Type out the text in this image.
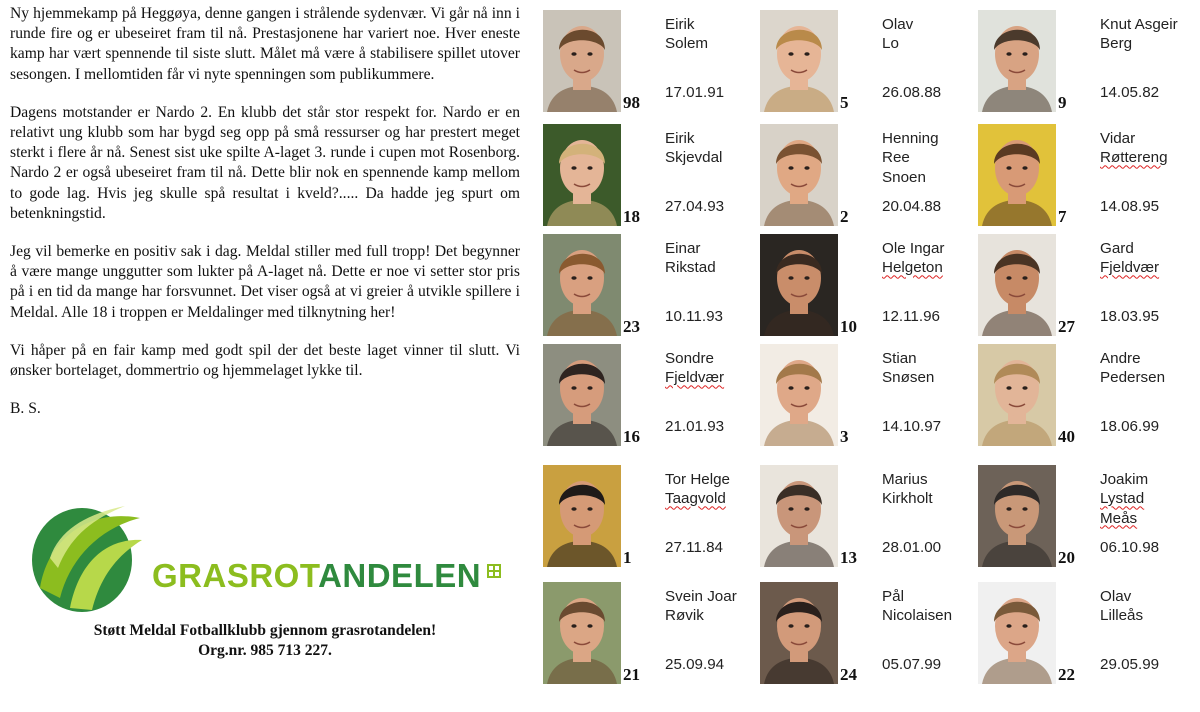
Ny hjemmekamp på Heggøya, denne gangen i strålende sydenvær. Vi går nå inn i runde fire og er ubeseiret fram til nå. Prestasjonene har variert noe. Hver eneste kamp har vært spennende til siste slutt. Målet må være å stabilisere spillet utover sesongen. I mellomtiden får vi nyte spenningen som publikummere.

Dagens motstander er Nardo 2. En klubb det står stor respekt for. Nardo er en relativt ung klubb som har bygd seg opp på små ressurser og har prestert meget sterkt i flere år nå. Senest sist uke spilte A-laget 3. runde i cupen mot Rosenborg. Nardo 2 er også ubeseiret fram til nå. Dette blir nok en spennende kamp mellom to gode lag. Hvis jeg skulle spå resultat i kveld?..... Da hadde jeg spurt om betenkningstid.

Jeg vil bemerke en positiv sak i dag. Meldal stiller med full tropp! Det begynner å være mange unggutter som lukter på A-laget nå. Dette er noe vi setter stor pris på i en tid da mange har forsvunnet. Det viser også at vi greier å utvikle spillere i Meldal. Alle 18 i troppen er Meldalinger med tilknytning her!

Vi håper på en fair kamp med godt spil der det beste laget vinner til slutt. Vi ønsker bortelaget, dommertrio og hjemmelaget lykke til.

B. S.

GRASROTANDELEN
Støtt Meldal Fotballklubb gjennom grasrotandelen!
Org.nr. 985 713 227.
98
Eirik
Solem
17.01.91
5
Olav
Lo
26.08.88
9
Knut Asgeir
Berg
14.05.82
18
Eirik
Skjevdal
27.04.93
2
Henning
Ree
Snoen
20.04.88
7
Vidar
Røttereng
14.08.95
23
Einar
Rikstad
10.11.93
10
Ole Ingar
Helgeton
12.11.96
27
Gard
Fjeldvær
18.03.95
16
Sondre
Fjeldvær
21.01.93
3
Stian
Snøsen
14.10.97
40
Andre
Pedersen
18.06.99
1
Tor Helge
Taagvold
27.11.84
13
Marius
Kirkholt
28.01.00
20
Joakim
Lystad
Meås
06.10.98
21
Svein Joar
Røvik
25.09.94
24
Pål
Nicolaisen
05.07.99
22
Olav
Lilleås
29.05.99
